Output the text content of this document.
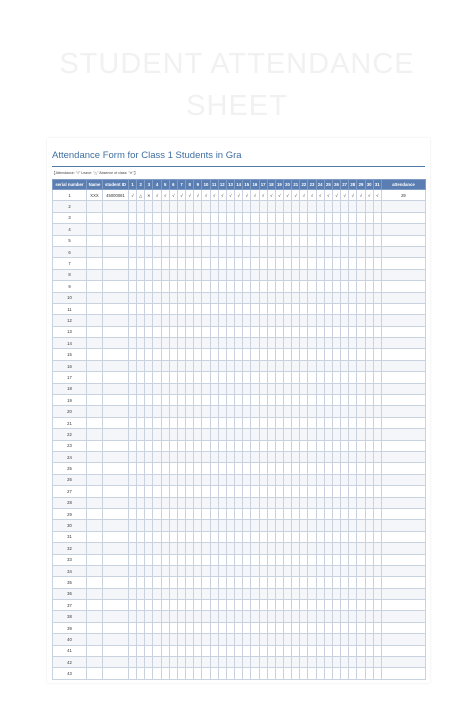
STUDENT ATTENDANCE
SHEET
Attendance Form for Class 1 Students in Gra
【Attendance: "√" Leave: "△" Absence of class: "✕"】
serial number	Name	student ID	1	2	3	4	5	6	7	8	9	10	11	12	13	14	15	16	17	18	19	20	21	22	23	24	25	26	27	28	29	30	31	attendance
1	XXX	45000081	√	△	✕	√	√	√	√	√	√	√	√	√	√	√	√	√	√	√	√	√	√	√	√	√	√	√	√	√	√	√	√	29
2																																		
3																																		
4																																		
5																																		
6																																		
7																																		
8																																		
9																																		
10																																		
11																																		
12																																		
13																																		
14																																		
15																																		
16																																		
17																																		
18																																		
19																																		
20																																		
21																																		
22																																		
23																																		
24																																		
25																																		
26																																		
27																																		
28																																		
29																																		
30																																		
31																																		
32																																		
33																																		
34																																		
35																																		
36																																		
37																																		
38																																		
39																																		
40																																		
41																																		
42																																		
43																																		
